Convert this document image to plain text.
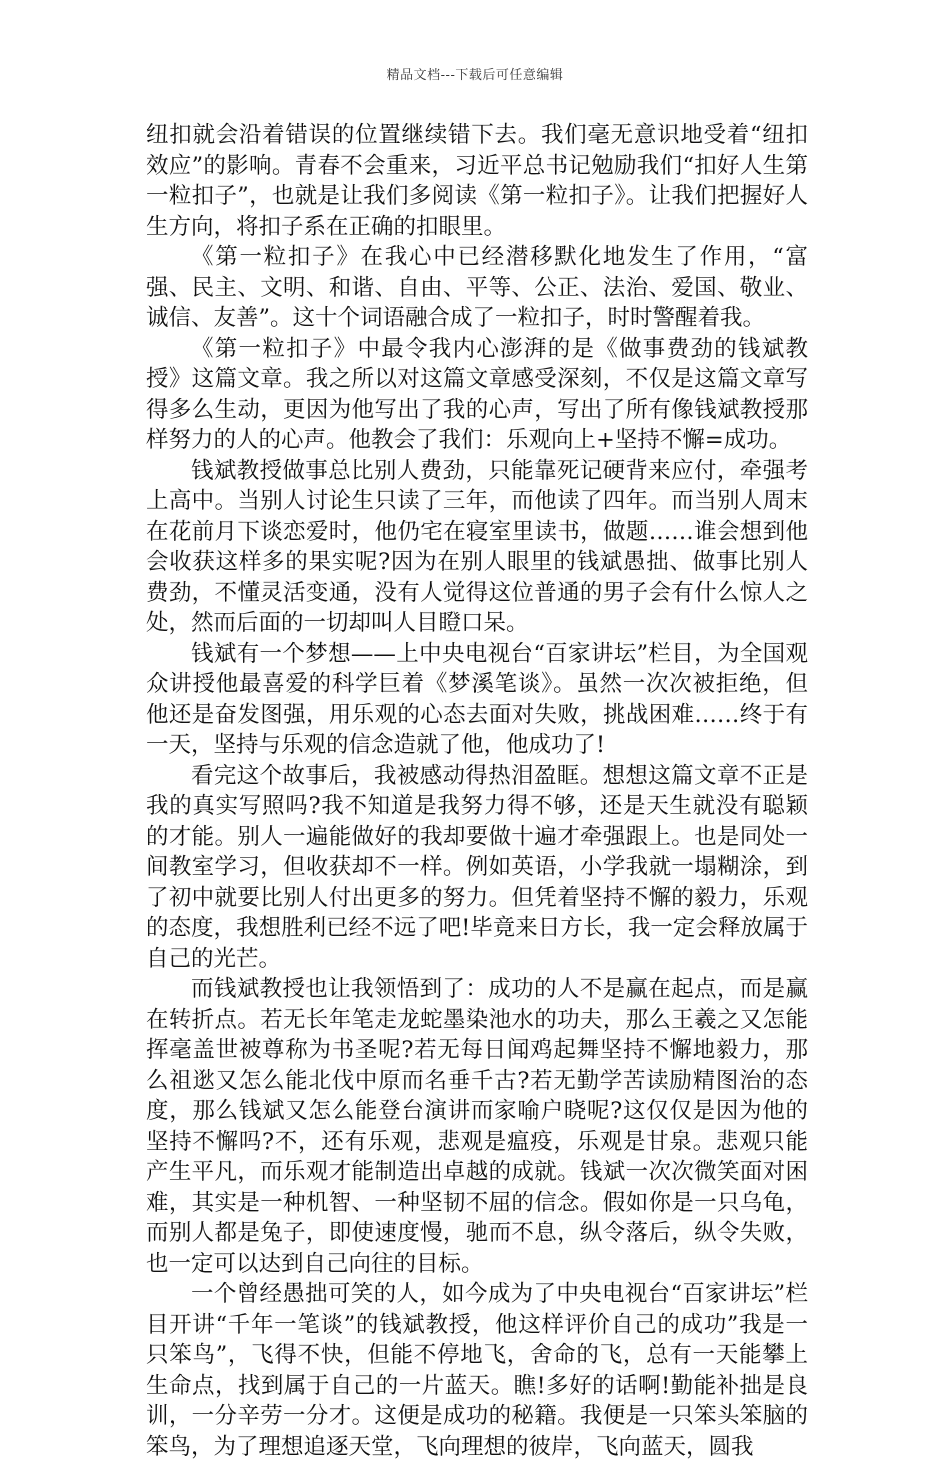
精品文档---下载后可任意编辑

纽扣就会沿着错误的位置继续错下去。我们毫无意识地受着“纽扣效应”的影响。青春不会重来，习近平总书记勉励我们“扣好人生第一粒扣子”，也就是让我们多阅读《第一粒扣子》。让我们把握好人生方向，将扣子系在正确的扣眼里。

《第一粒扣子》在我心中已经潜移默化地发生了作用，“富强、民主、文明、和谐、自由、平等、公正、法治、爱国、敬业、诚信、友善”。这十个词语融合成了一粒扣子，时时警醒着我。

《第一粒扣子》中最令我内心澎湃的是《做事费劲的钱斌教授》这篇文章。我之所以对这篇文章感受深刻，不仅是这篇文章写得多么生动，更因为他写出了我的心声，写出了所有像钱斌教授那样努力的人的心声。他教会了我们：乐观向上+坚持不懈=成功。

钱斌教授做事总比别人费劲，只能靠死记硬背来应付，牵强考上高中。当别人讨论生只读了三年，而他读了四年。而当别人周末在花前月下谈恋爱时，他仍宅在寝室里读书，做题……谁会想到他会收获这样多的果实呢?因为在别人眼里的钱斌愚拙、做事比别人费劲，不懂灵活变通，没有人觉得这位普通的男子会有什么惊人之处，然而后面的一切却叫人目瞪口呆。

钱斌有一个梦想——上中央电视台“百家讲坛”栏目，为全国观众讲授他最喜爱的科学巨着《梦溪笔谈》。虽然一次次被拒绝，但他还是奋发图强，用乐观的心态去面对失败，挑战困难……终于有一天，坚持与乐观的信念造就了他，他成功了!

看完这个故事后，我被感动得热泪盈眶。想想这篇文章不正是我的真实写照吗?我不知道是我努力得不够，还是天生就没有聪颖的才能。别人一遍能做好的我却要做十遍才牵强跟上。也是同处一间教室学习，但收获却不一样。例如英语，小学我就一塌糊涂，到了初中就要比别人付出更多的努力。但凭着坚持不懈的毅力，乐观的态度，我想胜利已经不远了吧!毕竟来日方长，我一定会释放属于自己的光芒。

而钱斌教授也让我领悟到了：成功的人不是赢在起点，而是赢在转折点。若无长年笔走龙蛇墨染池水的功夫，那么王羲之又怎能挥毫盖世被尊称为书圣呢?若无每日闻鸡起舞坚持不懈地毅力，那么祖逖又怎么能北伐中原而名垂千古?若无勤学苦读励精图治的态度，那么钱斌又怎么能登台演讲而家喻户晓呢?这仅仅是因为他的坚持不懈吗?不，还有乐观，悲观是瘟疫，乐观是甘泉。悲观只能产生平凡，而乐观才能制造出卓越的成就。钱斌一次次微笑面对困难，其实是一种机智、一种坚韧不屈的信念。假如你是一只乌龟，而别人都是兔子，即使速度慢，驰而不息，纵令落后，纵令失败，也一定可以达到自己向往的目标。

一个曾经愚拙可笑的人，如今成为了中央电视台“百家讲坛”栏目开讲“千年一笔谈”的钱斌教授，他这样评价自己的成功”我是一只笨鸟”，飞得不快，但能不停地飞，舍命的飞，总有一天能攀上生命点，找到属于自己的一片蓝天。瞧!多好的话啊!勤能补拙是良训，一分辛劳一分才。这便是成功的秘籍。我便是一只笨头笨脑的笨鸟，为了理想追逐天堂，飞向理想的彼岸，飞向蓝天，圆我
